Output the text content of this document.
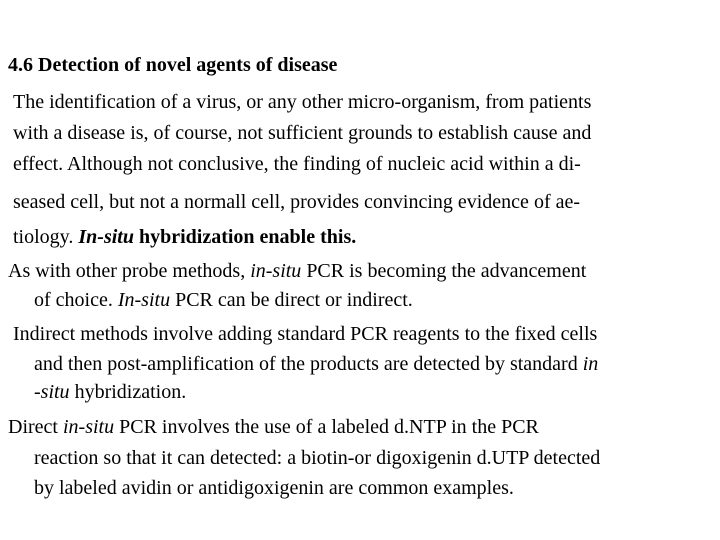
4.6 Detection of novel agents of disease
The identification of a virus, or any other micro-organism, from patients
with a disease is, of course, not sufficient grounds to establish cause and
effect. Although not conclusive, the finding of nucleic acid within a di-
seased cell, but not a normall cell, provides convincing evidence of ae-
tiology. In-situ hybridization enable this.
As with other probe methods, in-situ PCR is becoming the advancement
of choice. In-situ PCR can be direct or indirect.
Indirect methods involve adding standard PCR reagents to the fixed cells
and then post-amplification of the products are detected by standard in
-situ hybridization.
Direct in-situ PCR involves the use of a labeled d.NTP in the PCR
reaction so that it can detected: a biotin-or digoxigenin d.UTP detected
by labeled avidin or antidigoxigenin are common examples.
